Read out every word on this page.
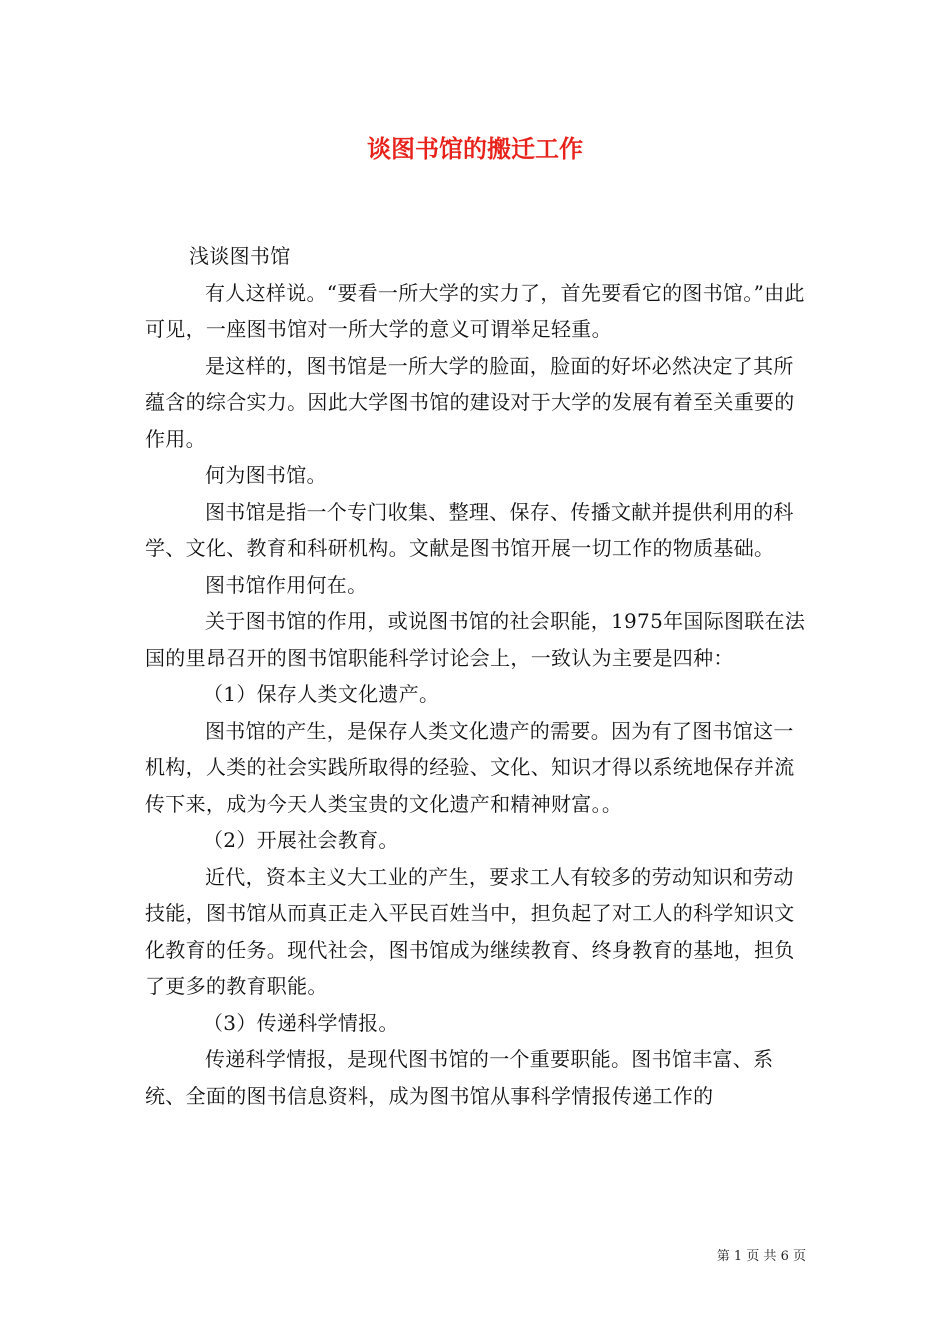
谈图书馆的搬迁工作

浅谈图书馆

有人这样说。“要看一所大学的实力了，首先要看它的图书馆。”由此可见，一座图书馆对一所大学的意义可谓举足轻重。

是这样的，图书馆是一所大学的脸面，脸面的好坏必然决定了其所蕴含的综合实力。因此大学图书馆的建设对于大学的发展有着至关重要的作用。

何为图书馆。

图书馆是指一个专门收集、整理、保存、传播文献并提供利用的科学、文化、教育和科研机构。文献是图书馆开展一切工作的物质基础。

图书馆作用何在。

关于图书馆的作用，或说图书馆的社会职能，1975年国际图联在法国的里昂召开的图书馆职能科学讨论会上，一致认为主要是四种：

（1）保存人类文化遗产。

图书馆的产生，是保存人类文化遗产的需要。因为有了图书馆这一机构，人类的社会实践所取得的经验、文化、知识才得以系统地保存并流传下来，成为今天人类宝贵的文化遗产和精神财富。。

（2）开展社会教育。

近代，资本主义大工业的产生，要求工人有较多的劳动知识和劳动技能，图书馆从而真正走入平民百姓当中，担负起了对工人的科学知识文化教育的任务。现代社会，图书馆成为继续教育、终身教育的基地，担负了更多的教育职能。

（3）传递科学情报。

传递科学情报，是现代图书馆的一个重要职能。图书馆丰富、系统、全面的图书信息资料，成为图书馆从事科学情报传递工作的

第 1 页 共 6 页
